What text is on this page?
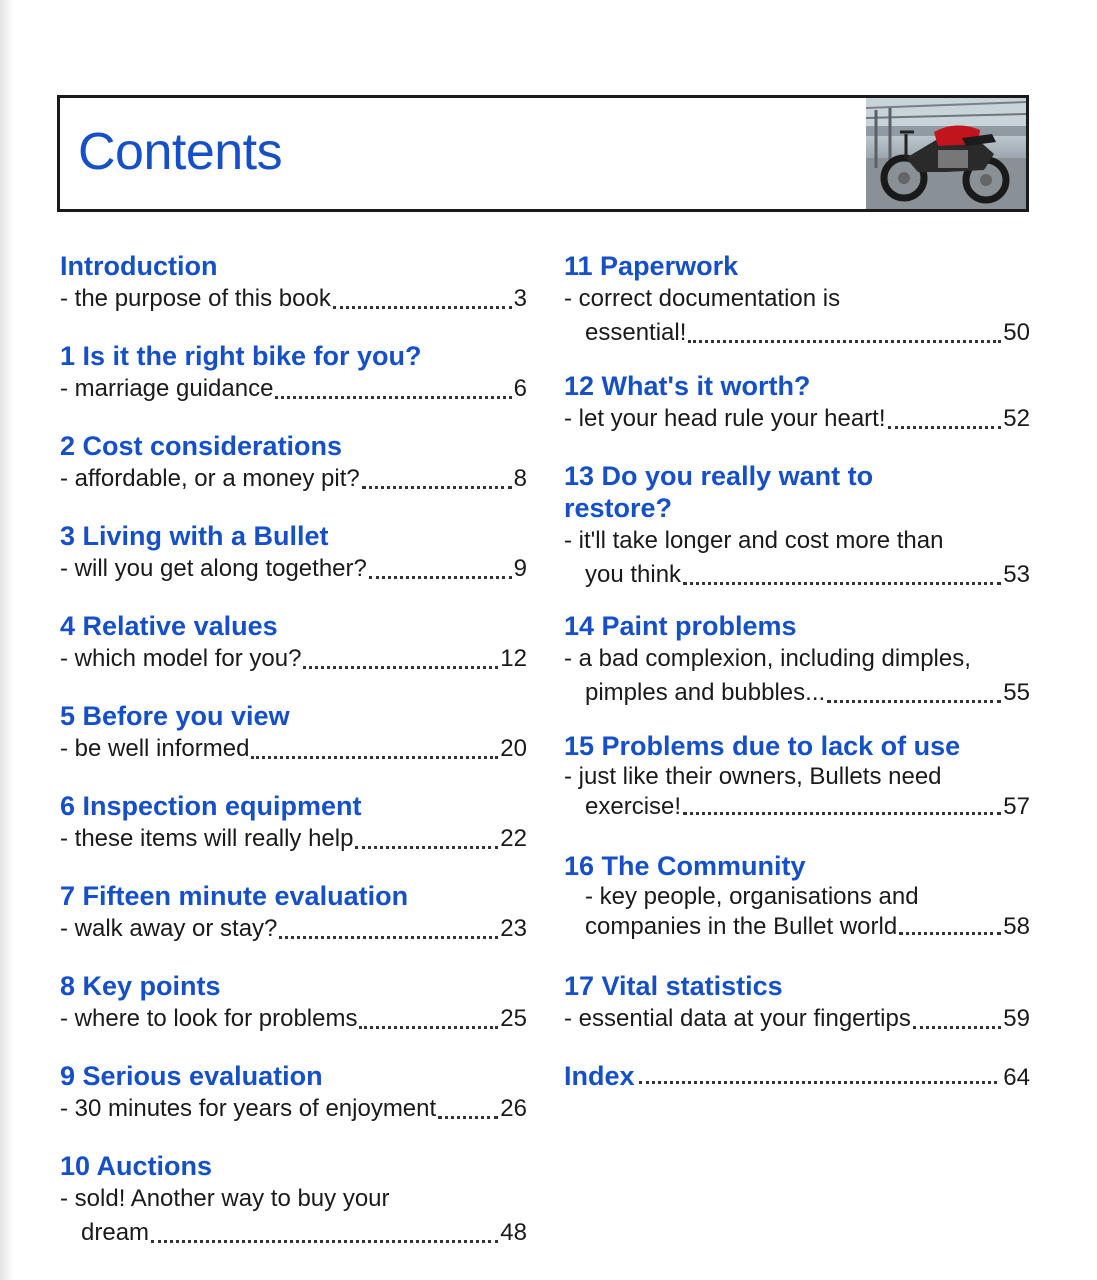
Contents
Introduction
- the purpose of this book	3
1 Is it the right bike for you?
- marriage guidance	6
2 Cost considerations
- affordable, or a money pit?	8
3 Living with a Bullet
- will you get along together?	9
4 Relative values
- which model for you?	12
5 Before you view
- be well informed	20
6 Inspection equipment
- these items will really help	22
7 Fifteen minute evaluation
- walk away or stay?	23
8 Key points
- where to look for problems	25
9 Serious evaluation
- 30 minutes for years of enjoyment	26
10 Auctions
- sold! Another way to buy your
dream	48
11 Paperwork
- correct documentation is
essential!	50
12 What's it worth?
- let your head rule your heart!	52
13 Do you really want to restore?
- it'll take longer and cost more than
you think	53
14 Paint problems
- a bad complexion, including dimples,
pimples and bubbles...	55
15 Problems due to lack of use
- just like their owners, Bullets need
exercise!	57
16 The Community
- key people, organisations and
companies in the Bullet world	58
17 Vital statistics
- essential data at your fingertips	59
Index	64
